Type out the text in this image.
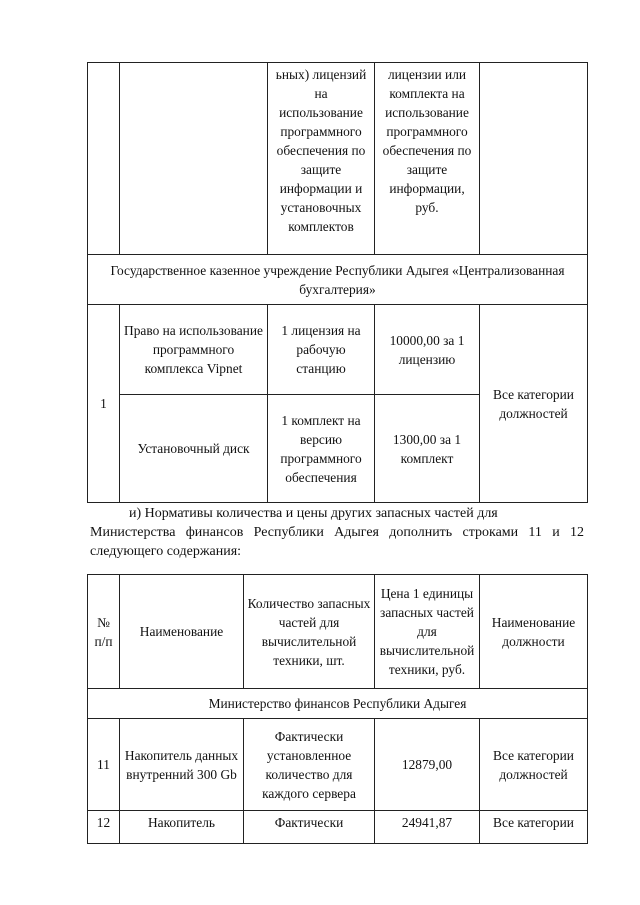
		ьных) лицензий на использование программного обеспечения по защите информации и установочных комплектов	лицензии или комплекта на использование программного обеспечения по защите информации, руб.	
Государственное казенное учреждение Республики Адыгея «Централизованная бухгалтерия»				
1	Право на использование программного комплекса Vipnet	1 лицензия на рабочую станцию	10000,00 за 1 лицензию	Все категории должностей
	Установочный диск	1 комплект на версию программного обеспечения	1300,00 за 1 комплект	

и) Нормативы количества и цены других запасных частей для
Министерства финансов Республики Адыгея дополнить строками 11 и 12 следующего содержания:

№ п/п	Наименование	Количество запасных частей для вычислительной техники, шт.	Цена 1 единицы запасных частей для вычислительной техники, руб.	Наименование должности
Министерство финансов Республики Адыгея				
11	Накопитель данных внутренний 300 Gb	Фактически установленное количество для каждого сервера	12879,00	Все категории должностей
12	Накопитель	Фактически	24941,87	Все категории
